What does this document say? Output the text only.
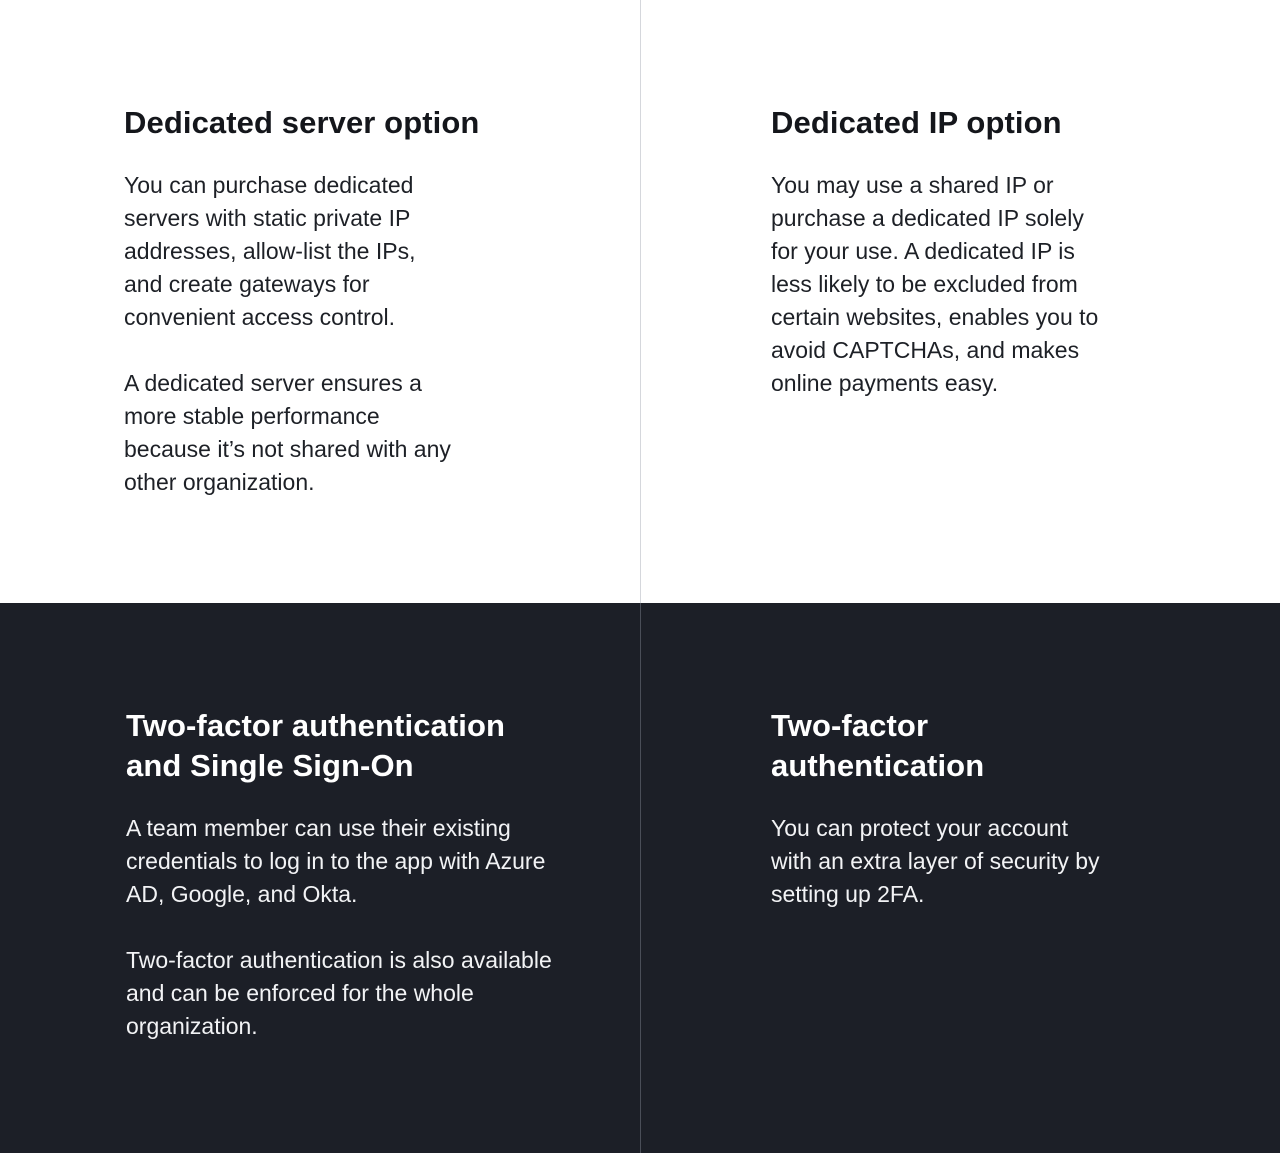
Dedicated server option

You can purchase dedicated servers with static private IP addresses, allow-list the IPs, and create gateways for convenient access control.

A dedicated server ensures a more stable performance because it’s not shared with any other organization.

Dedicated IP option

You may use a shared IP or purchase a dedicated IP solely for your use. A dedicated IP is less likely to be excluded from certain websites, enables you to avoid CAPTCHAs, and makes online payments easy.

Two-factor authentication and Single Sign-On

A team member can use their existing credentials to log in to the app with Azure AD, Google, and Okta.

Two-factor authentication is also available and can be enforced for the whole organization.

Two-factor authentication

You can protect your account with an extra layer of security by setting up 2FA.
